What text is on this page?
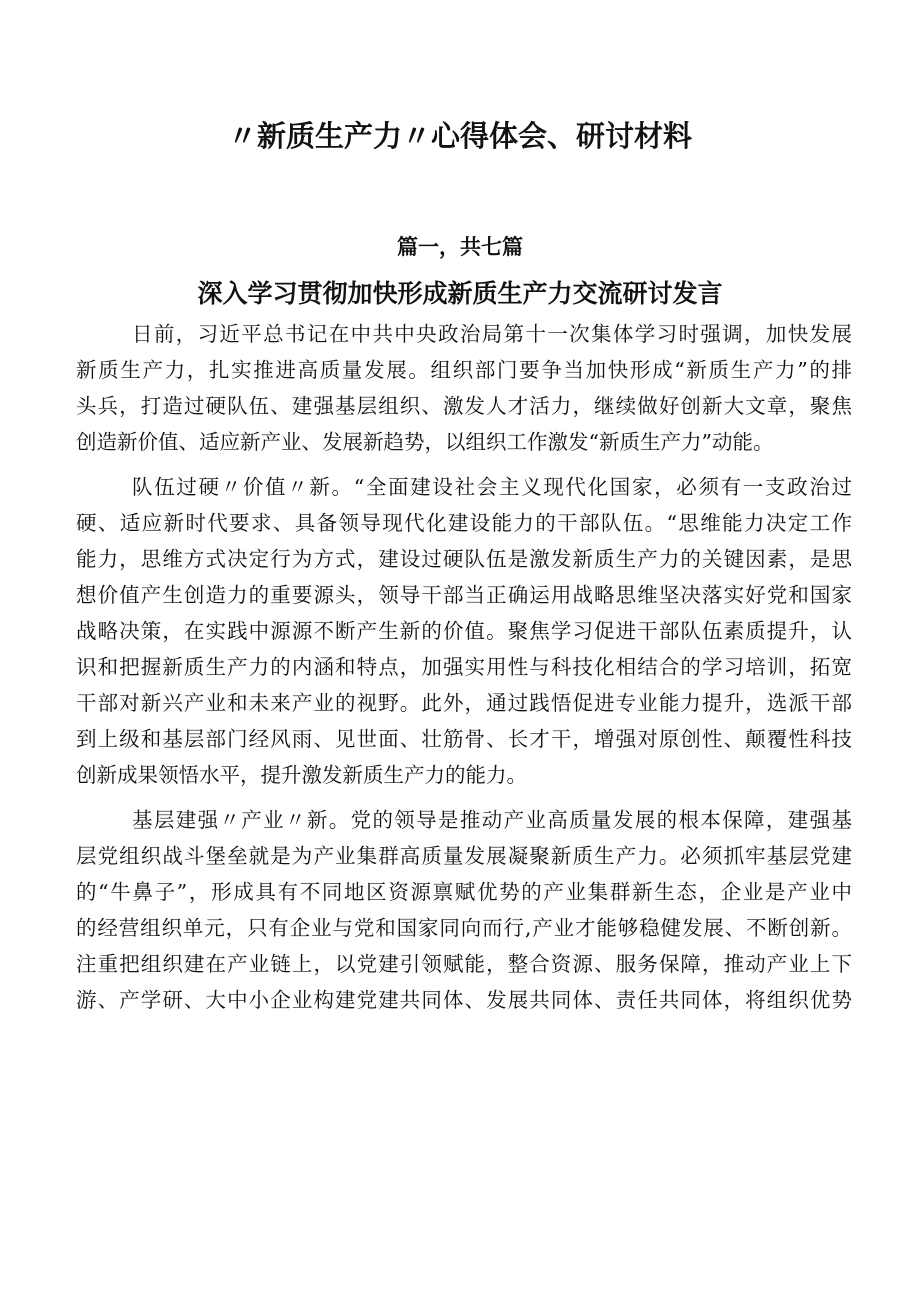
〃新质生产力〃心得体会、研讨材料
篇一，共七篇
深入学习贯彻加快形成新质生产力交流研讨发言
日前，习近平总书记在中共中央政治局第十一次集体学习时强调，加快发展
新质生产力，扎实推进高质量发展。组织部门要争当加快形成“新质生产力”的排
头兵，打造过硬队伍、建强基层组织、激发人才活力，继续做好创新大文章，聚焦
创造新价值、适应新产业、发展新趋势，以组织工作激发“新质生产力”动能。
队伍过硬〃价值〃新。“全面建设社会主义现代化国家，必须有一支政治过
硬、适应新时代要求、具备领导现代化建设能力的干部队伍。“思维能力决定工作
能力，思维方式决定行为方式，建设过硬队伍是激发新质生产力的关键因素，是思
想价值产生创造力的重要源头，领导干部当正确运用战略思维坚决落实好党和国家
战略决策，在实践中源源不断产生新的价值。聚焦学习促进干部队伍素质提升，认
识和把握新质生产力的内涵和特点，加强实用性与科技化相结合的学习培训，拓宽
干部对新兴产业和未来产业的视野。此外，通过践悟促进专业能力提升，选派干部
到上级和基层部门经风雨、见世面、壮筋骨、长才干，增强对原创性、颠覆性科技
创新成果领悟水平，提升激发新质生产力的能力。
基层建强〃产业〃新。党的领导是推动产业高质量发展的根本保障，建强基
层党组织战斗堡垒就是为产业集群高质量发展凝聚新质生产力。必须抓牢基层党建
的“牛鼻子”，形成具有不同地区资源禀赋优势的产业集群新生态，企业是产业中
的经营组织单元，只有企业与党和国家同向而行,产业才能够稳健发展、不断创新。
注重把组织建在产业链上，以党建引领赋能，整合资源、服务保障，推动产业上下
游、产学研、大中小企业构建党建共同体、发展共同体、责任共同体，将组织优势
